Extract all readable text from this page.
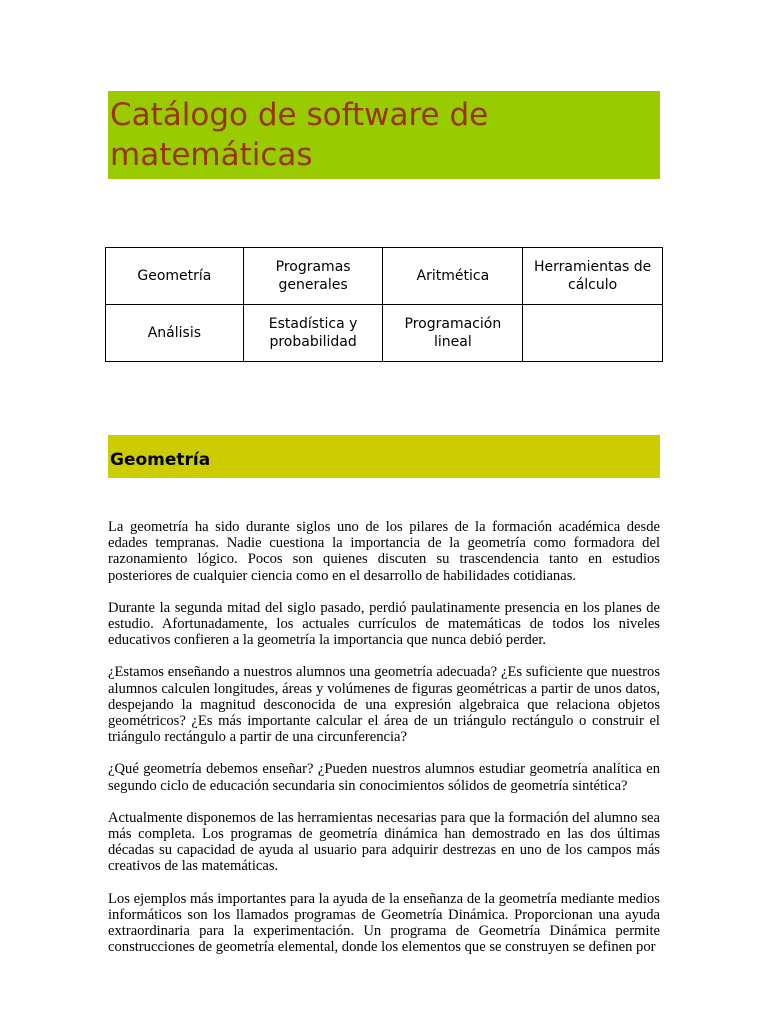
Catálogo de software de matemáticas
Geometría	Programas generales	Aritmética	Herramientas de cálculo
Análisis	Estadística y probabilidad	Programación lineal	
Geometría

La geometría ha sido durante siglos uno de los pilares de la formación académica desde edades tempranas. Nadie cuestiona la importancia de la geometría como formadora del razonamiento lógico. Pocos son quienes discuten su trascendencia tanto en estudios posteriores de cualquier ciencia como en el desarrollo de habilidades cotidianas.

Durante la segunda mitad del siglo pasado, perdió paulatinamente presencia en los planes de estudio. Afortunadamente, los actuales currículos de matemáticas de todos los niveles educativos confieren a la geometría la importancia que nunca debió perder.

¿Estamos enseñando a nuestros alumnos una geometría adecuada? ¿Es suficiente que nuestros alumnos calculen longitudes, áreas y volúmenes de figuras geométricas a partir de unos datos, despejando la magnitud desconocida de una expresión algebraica que relaciona objetos geométricos? ¿Es más importante calcular el área de un triángulo rectángulo o construir el triángulo rectángulo a partir de una circunferencia?

¿Qué geometría debemos enseñar? ¿Pueden nuestros alumnos estudiar geometría analítica en segundo ciclo de educación secundaria sin conocimientos sólidos de geometría sintética?

Actualmente disponemos de las herramientas necesarias para que la formación del alumno sea más completa. Los programas de geometría dinámica han demostrado en las dos últimas décadas su capacidad de ayuda al usuario para adquirir destrezas en uno de los campos más creativos de las matemáticas.

Los ejemplos más importantes para la ayuda de la enseñanza de la geometría mediante medios informáticos son los llamados programas de Geometría Dinámica. Proporcionan una ayuda extraordinaria para la experimentación. Un programa de Geometría Dinámica permite construcciones de geometría elemental, donde los elementos que se construyen se definen por
